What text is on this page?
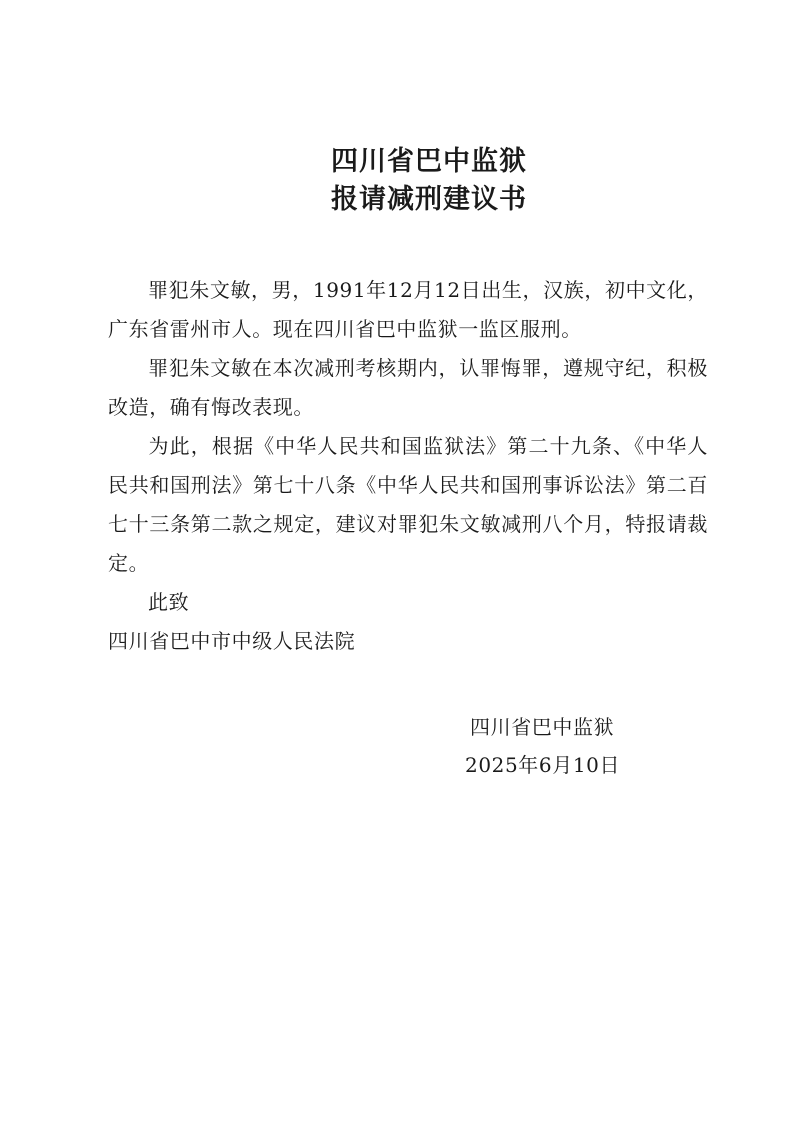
四川省巴中监狱
报请减刑建议书

罪犯朱文敏，男，1991年12月12日出生，汉族，初中文化，广东省雷州市人。现在四川省巴中监狱一监区服刑。

罪犯朱文敏在本次减刑考核期内，认罪悔罪，遵规守纪，积极改造，确有悔改表现。

为此，根据《中华人民共和国监狱法》第二十九条、《中华人民共和国刑法》第七十八条《中华人民共和国刑事诉讼法》第二百七十三条第二款之规定，建议对罪犯朱文敏减刑八个月，特报请裁定。

此致

四川省巴中市中级人民法院

四川省巴中监狱

2025年6月10日
